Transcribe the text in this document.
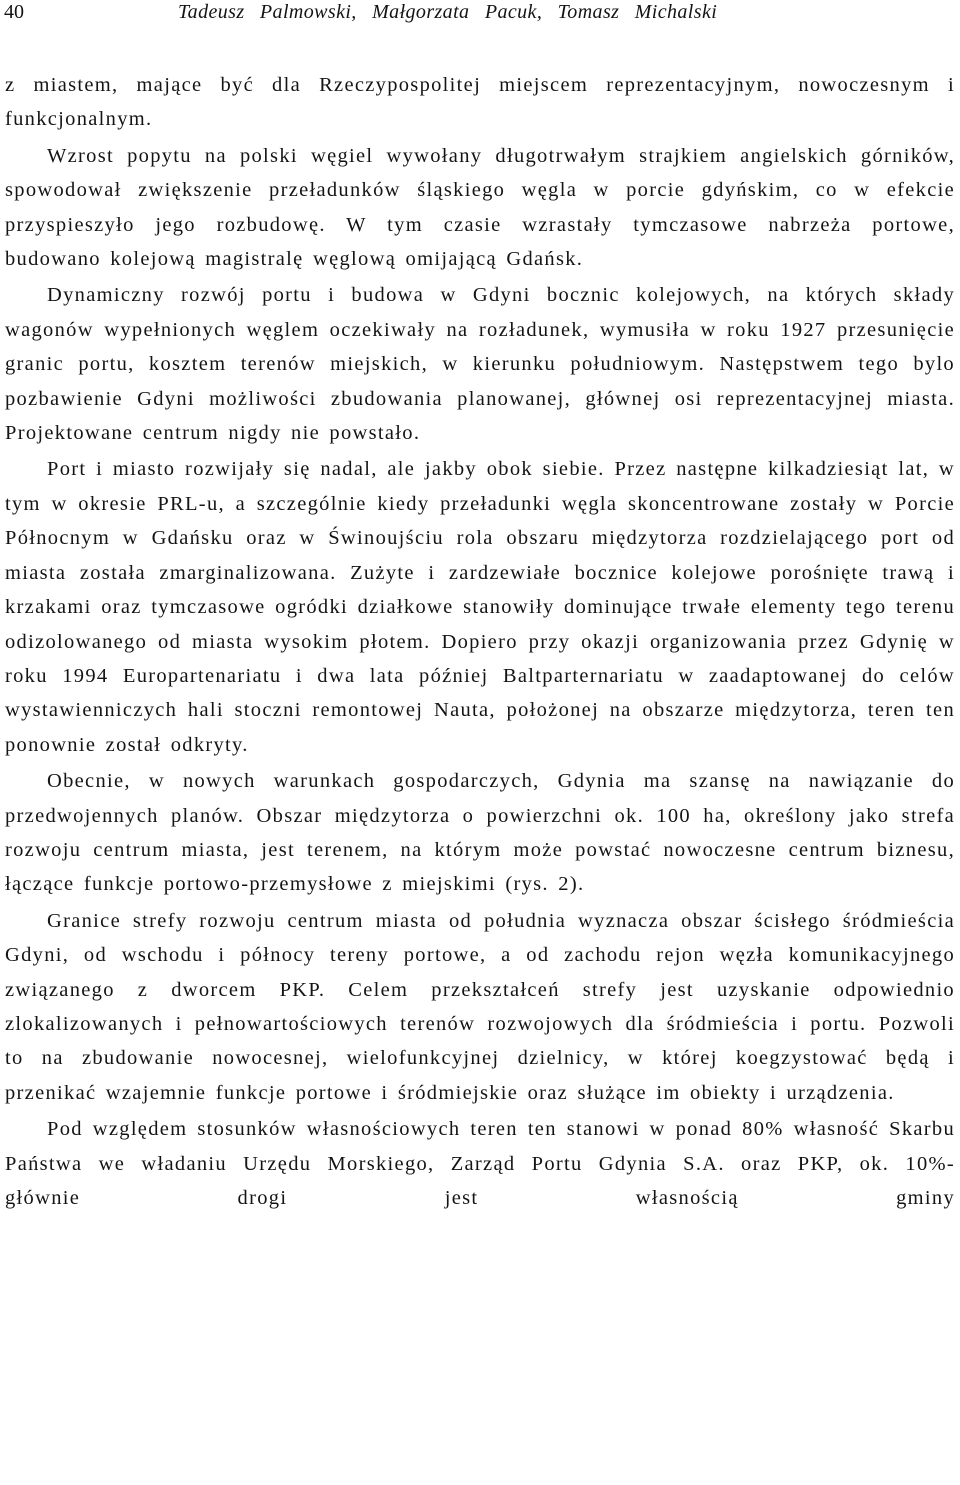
40	Tadeusz Palmowski, Małgorzata Pacuk, Tomasz Michalski

z miastem, mające być dla Rzeczypospolitej miejscem reprezentacyjnym, nowoczesnym i funkcjonalnym.

Wzrost popytu na polski węgiel wywołany długotrwałym strajkiem angielskich górników, spowodował zwiększenie przeładunków śląskiego węgla w porcie gdyńskim, co w efekcie przyspieszyło jego rozbudowę. W tym czasie wzrastały tymczasowe nabrzeża portowe, budowano kolejową magistralę węglową omijającą Gdańsk.

Dynamiczny rozwój portu i budowa w Gdyni bocznic kolejowych, na których składy wagonów wypełnionych węglem oczekiwały na rozładunek, wymusiła w roku 1927 przesunięcie granic portu, kosztem terenów miejskich, w kierunku południowym. Następstwem tego bylo pozbawienie Gdyni możliwości zbudowania planowanej, głównej osi reprezentacyjnej miasta. Projektowane centrum nigdy nie powstało.

Port i miasto rozwijały się nadal, ale jakby obok siebie. Przez następne kilkadziesiąt lat, w tym w okresie PRL-u, a szczególnie kiedy przeładunki węgla skoncentrowane zostały w Porcie Północnym w Gdańsku oraz w Świnoujściu rola obszaru międzytorza rozdzielającego port od miasta została zmarginalizowana. Zużyte i zardzewiałe bocznice kolejowe porośnięte trawą i krzakami oraz tymczasowe ogródki działkowe stanowiły dominujące trwałe elementy tego terenu odizolowanego od miasta wysokim płotem. Dopiero przy okazji organizowania przez Gdynię w roku 1994 Europartenariatu i dwa lata później Baltparternariatu w zaadaptowanej do celów wystawienniczych hali stoczni remontowej Nauta, położonej na obszarze międzytorza, teren ten ponownie został odkryty.

Obecnie, w nowych warunkach gospodarczych, Gdynia ma szansę na nawiązanie do przedwojennych planów. Obszar międzytorza o powierzchni ok. 100 ha, określony jako strefa rozwoju centrum miasta, jest terenem, na którym może powstać nowoczesne centrum biznesu, łączące funkcje portowo-przemysłowe z miejskimi (rys. 2).

Granice strefy rozwoju centrum miasta od południa wyznacza obszar ścisłego śródmieścia Gdyni, od wschodu i północy tereny portowe, a od zachodu rejon węzła komunikacyjnego związanego z dworcem PKP. Celem przekształceń strefy jest uzyskanie odpowiednio zlokalizowanych i pełnowartościowych terenów rozwojowych dla śródmieścia i portu. Pozwoli to na zbudowanie nowocesnej, wielofunkcyjnej dzielnicy, w której koegzystować będą i przenikać wzajemnie funkcje portowe i śródmiejskie oraz służące im obiekty i urządzenia.

Pod względem stosunków własnościowych teren ten stanowi w ponad 80% własność Skarbu Państwa we władaniu Urzędu Morskiego, Zarząd Portu Gdynia S.A. oraz PKP, ok. 10%- głównie drogi jest własnością gminy
